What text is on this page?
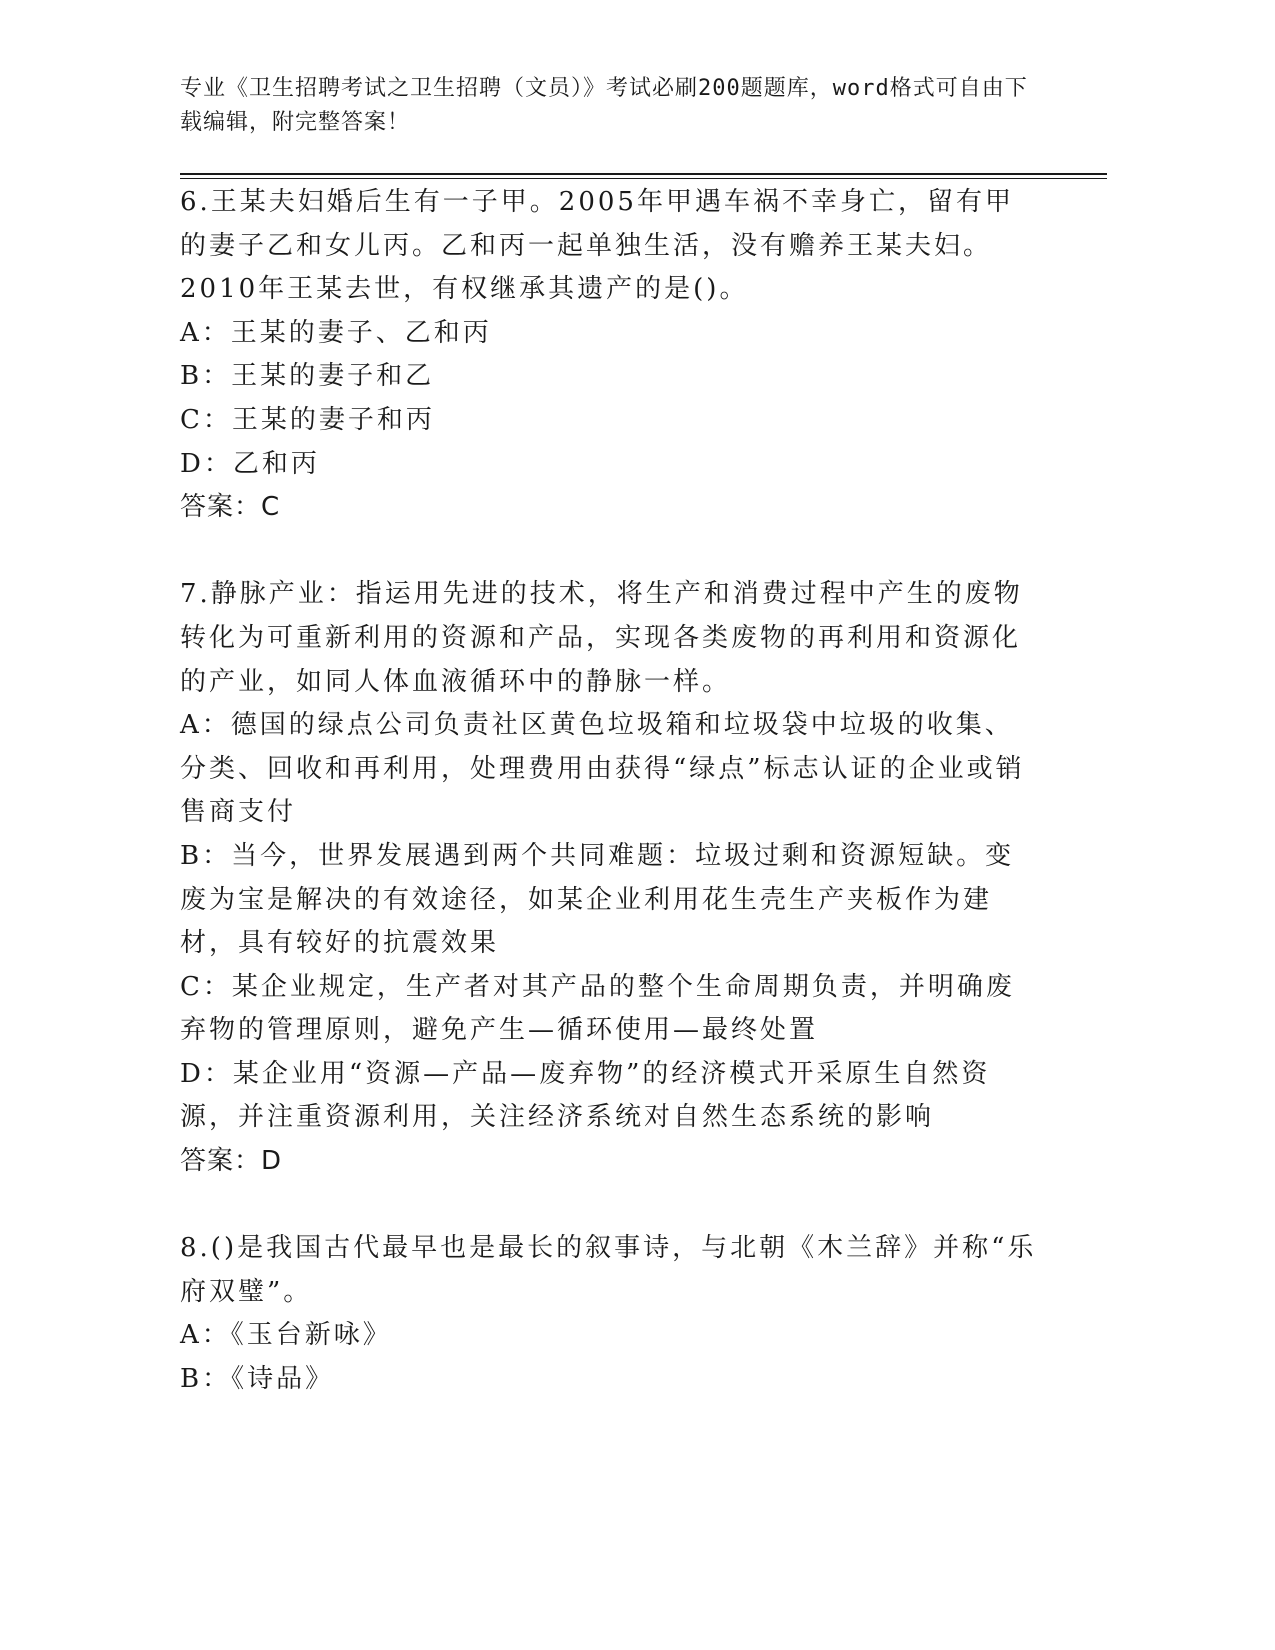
专业《卫生招聘考试之卫生招聘（文员）》考试必刷200题题库，word格式可自由下载编辑，附完整答案！

6.王某夫妇婚后生有一子甲。2005年甲遇车祸不幸身亡，留有甲的妻子乙和女儿丙。乙和丙一起单独生活，没有赡养王某夫妇。2010年王某去世，有权继承其遗产的是()。

A：王某的妻子、乙和丙

B：王某的妻子和乙

C：王某的妻子和丙

D：乙和丙

答案：C

7.静脉产业：指运用先进的技术，将生产和消费过程中产生的废物转化为可重新利用的资源和产品，实现各类废物的再利用和资源化的产业，如同人体血液循环中的静脉一样。

A：德国的绿点公司负责社区黄色垃圾箱和垃圾袋中垃圾的收集、分类、回收和再利用，处理费用由获得“绿点”标志认证的企业或销售商支付

B：当今，世界发展遇到两个共同难题：垃圾过剩和资源短缺。变废为宝是解决的有效途径，如某企业利用花生壳生产夹板作为建材，具有较好的抗震效果

C：某企业规定，生产者对其产品的整个生命周期负责，并明确废弃物的管理原则，避免产生—循环使用—最终处置

D：某企业用“资源—产品—废弃物”的经济模式开采原生自然资源，并注重资源利用，关注经济系统对自然生态系统的影响

答案：D

8.()是我国古代最早也是最长的叙事诗，与北朝《木兰辞》并称“乐府双璧”。

A：《玉台新咏》

B：《诗品》
